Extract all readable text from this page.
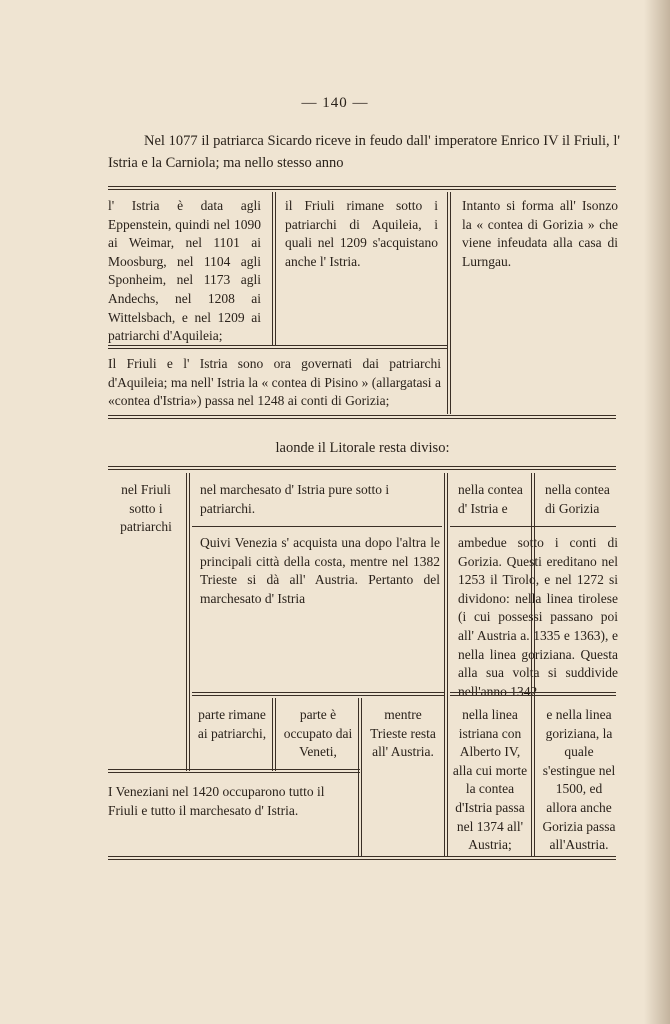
— 140 —
Nel 1077 il patriarca Sicardo riceve in feudo dall' imperatore Enrico IV il Friuli, l' Istria e la Carniola; ma nello stesso anno
l' Istria è data agli Eppenstein, quindi nel 1090 ai Weimar, nel 1101 ai Moosburg, nel 1104 agli Sponheim, nel 1173 agli Andechs, nel 1208 ai Wittelsbach, e nel 1209 ai patriarchi d'Aquileia;
il Friuli rimane sotto i patriarchi di Aquileia, i quali nel 1209 s'acquistano anche l' Istria.
Intanto si forma all' Isonzo la « contea di Gorizia » che viene infeudata alla casa di Lurngau.
Il Friuli e l' Istria sono ora governati dai patriarchi d'Aquileia; ma nell' Istria la « contea di Pisino » (allargatasi a «contea d'Istria») passa nel 1248 ai conti di Gorizia;
laonde il Litorale resta diviso:
nel Friuli sotto i patriarchi
nel marchesato d' Istria pure sotto i patriarchi.
Quivi Venezia s' acquista una dopo l'altra le principali città della costa, mentre nel 1382 Trieste si dà all' Austria. Pertanto del marchesato d' Istria
nella contea d' Istria e
nella contea di Gorizia
ambedue sotto i conti di Gorizia. Questi ereditano nel 1253 il Tirolo, e nel 1272 si dividono: nella linea tirolese (i cui possessi passano poi all' Austria a. 1335 e 1363), e nella linea goriziana. Questa alla sua volta si suddivide nell'anno 1342
parte rimane ai patriarchi,
parte è occupato dai Veneti,
mentre Trieste resta all' Austria.
nella linea istriana con Alberto IV, alla cui morte la contea d'Istria passa nel 1374 all' Austria;
e nella linea goriziana, la quale s'estingue nel 1500, ed allora anche Gorizia passa all'Austria.
I Veneziani nel 1420 occuparono tutto il Friuli e tutto il marchesato d' Istria.
